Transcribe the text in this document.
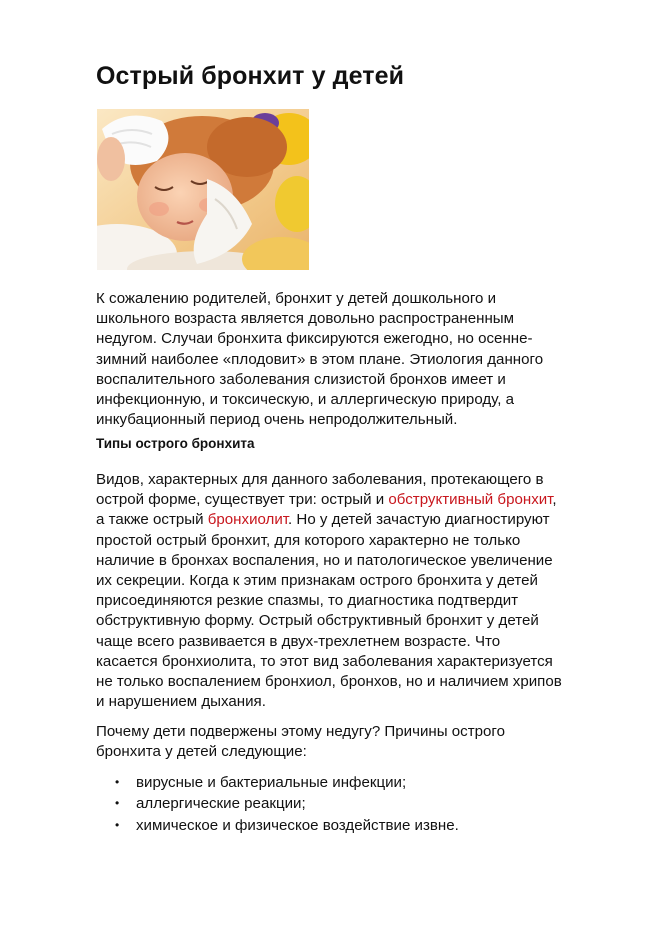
Острый бронхит у детей

К сожалению родителей, бронхит у детей дошкольного и
школьного возраста является довольно распространенным
недугом. Случаи бронхита фиксируются ежегодно, но осенне-
зимний наиболее «плодовит» в этом плане. Этиология данного
воспалительного заболевания слизистой бронхов имеет и
инфекционную, и токсическую, и аллергическую природу, а
инкубационный период очень непродолжительный.

Типы острого бронхита

Видов, характерных для данного заболевания, протекающего в
острой форме, существует три: острый и обструктивный бронхит,
а также острый бронхиолит. Но у детей зачастую диагностируют
простой острый бронхит, для которого характерно не только
наличие в бронхах воспаления, но и патологическое увеличение
их секреции. Когда к этим признакам острого бронхита у детей
присоединяются резкие спазмы, то диагностика подтвердит
обструктивную форму. Острый обструктивный бронхит у детей
чаще всего развивается в двух-трехлетнем возрасте. Что
касается бронхиолита, то этот вид заболевания характеризуется
не только воспалением бронхиол, бронхов, но и наличием хрипов
и нарушением дыхания.

Почему дети подвержены этому недугу? Причины острого
бронхита у детей следующие:

• вирусные и бактериальные инфекции;
• аллергические реакции;
• химическое и физическое воздействие извне.
